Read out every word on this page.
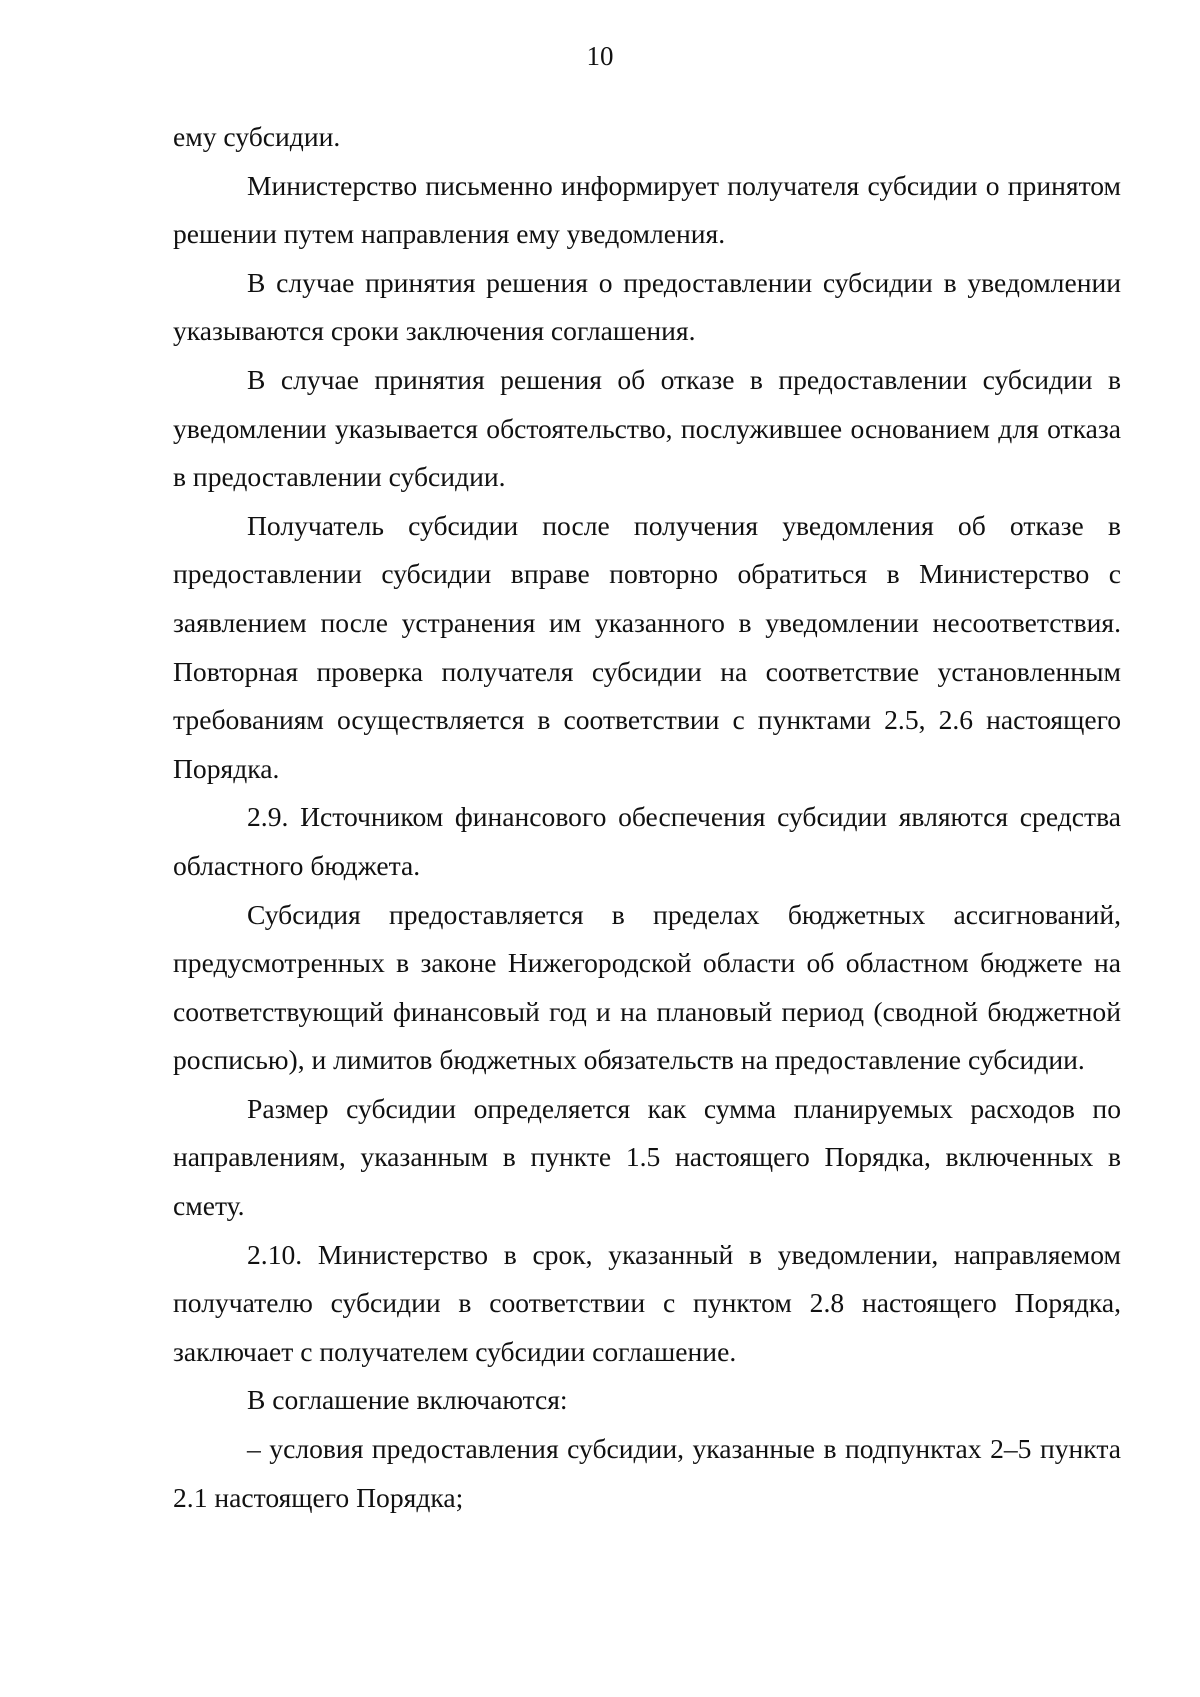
10

ему субсидии.

Министерство письменно информирует получателя субсидии о принятом решении путем направления ему уведомления.

В случае принятия решения о предоставлении субсидии в уведомлении указываются сроки заключения соглашения.

В случае принятия решения об отказе в предоставлении субсидии в уведомлении указывается обстоятельство, послужившее основанием для отказа в предоставлении субсидии.

Получатель субсидии после получения уведомления об отказе в предоставлении субсидии вправе повторно обратиться в Министерство с заявлением после устранения им указанного в уведомлении несоответствия. Повторная проверка получателя субсидии на соответствие установленным требованиям осуществляется в соответствии с пунктами 2.5, 2.6 настоящего Порядка.

2.9. Источником финансового обеспечения субсидии являются средства областного бюджета.

Субсидия предоставляется в пределах бюджетных ассигнований, предусмотренных в законе Нижегородской области об областном бюджете на соответствующий финансовый год и на плановый период (сводной бюджетной росписью), и лимитов бюджетных обязательств на предоставление субсидии.

Размер субсидии определяется как сумма планируемых расходов по направлениям, указанным в пункте 1.5 настоящего Порядка, включенных в смету.

2.10. Министерство в срок, указанный в уведомлении, направляемом получателю субсидии в соответствии с пунктом 2.8 настоящего Порядка, заключает с получателем субсидии соглашение.

В соглашение включаются:

– условия предоставления субсидии, указанные в подпунктах 2–5 пункта 2.1 настоящего Порядка;
